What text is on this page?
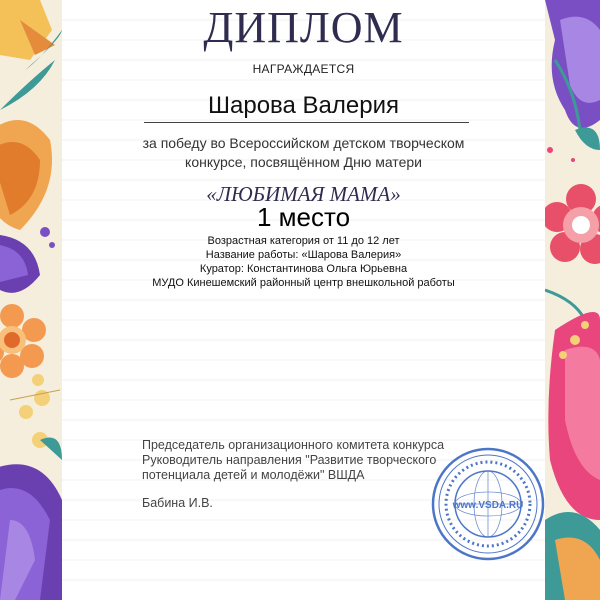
ДИПЛОМ
НАГРАЖДАЕТСЯ
Шарова Валерия
за победу во Всероссийском детском творческом
конкурсе, посвящённом Дню матери
«ЛЮБИМАЯ МАМА»
1 место
Возрастная категория от 11 до 12 лет
Название работы: «Шарова Валерия»
Куратор: Константинова Ольга Юрьевна
МУДО Кинешемский районный центр внешкольной работы
Председатель организационного комитета конкурса
Руководитель направления "Развитие творческого
потенциала детей и молодёжи" ВШДА
Бабина И.В.	www.VSDA.RU
